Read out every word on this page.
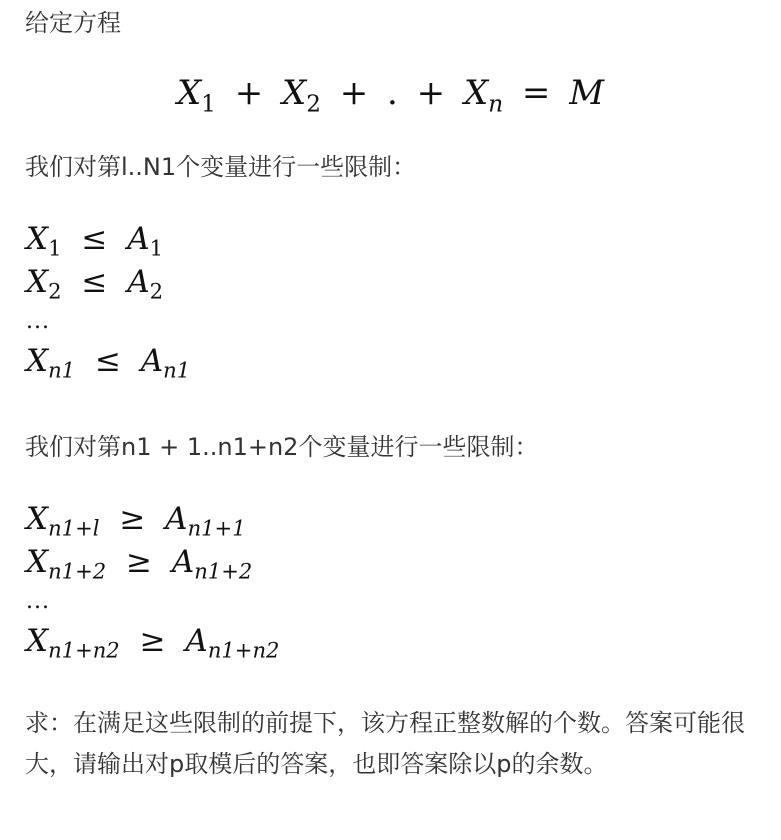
给定方程
$X_1 + X_2$ + . + $X_n = M$
我们对第l..N1个变量进行一些限制：
$X_1 \le A_1$
$X_2 \le A_2$
...
$X_{n1} \le A_{n1}$
我们对第n1 + 1..n1+n2个变量进行一些限制：
$X_{n1+l} \ge A_{n1+1}$
$X_{n1+2} \ge A_{n1+2}$
...
$X_{n1+n2} \ge A_{n1+n2}$
求：在满足这些限制的前提下，该方程正整数解的个数。答案可能很大，请输出对p取模后的答案，也即答案除以p的余数。
